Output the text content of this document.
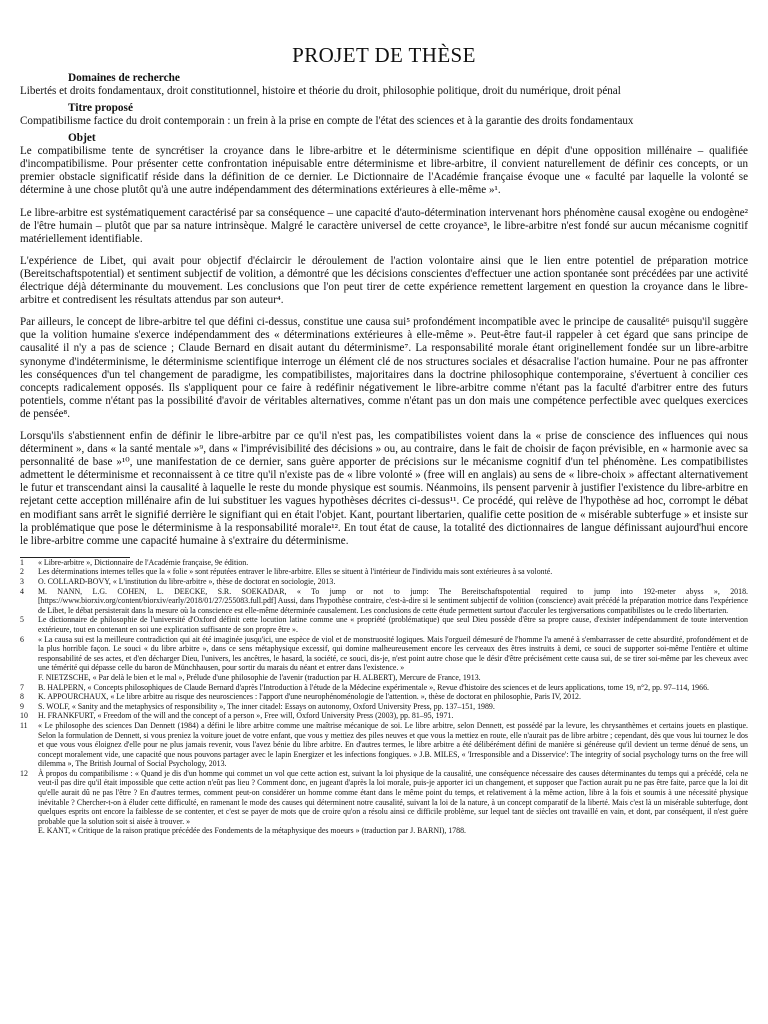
PROJET DE THÈSE
Domaines de recherche
Libertés et droits fondamentaux, droit constitutionnel, histoire et théorie du droit, philosophie politique, droit du numérique, droit pénal
Titre proposé
Compatibilisme factice du droit contemporain : un frein à la prise en compte de l'état des sciences et à la garantie des droits fondamentaux
Objet

Le compatibilisme tente de syncrétiser la croyance dans le libre-arbitre et le déterminisme scientifique en dépit d'une opposition millénaire – qualifiée d'incompatibilisme. Pour présenter cette confrontation inépuisable entre déterminisme et libre-arbitre, il convient naturellement de définir ces concepts, or un premier obstacle significatif réside dans la définition de ce dernier. Le Dictionnaire de l'Académie française évoque une « faculté par laquelle la volonté se détermine à une chose plutôt qu'à une autre indépendamment des déterminations extérieures à elle-même »¹.

Le libre-arbitre est systématiquement caractérisé par sa conséquence – une capacité d'auto-détermination intervenant hors phénomène causal exogène ou endogène² de l'être humain – plutôt que par sa nature intrinsèque. Malgré le caractère universel de cette croyance³, le libre-arbitre n'est fondé sur aucun mécanisme cognitif matériellement identifiable.

L'expérience de Libet, qui avait pour objectif d'éclaircir le déroulement de l'action volontaire ainsi que le lien entre potentiel de préparation motrice (Bereitschaftspotential) et sentiment subjectif de volition, a démontré que les décisions conscientes d'effectuer une action spontanée sont précédées par une activité électrique déjà déterminante du mouvement. Les conclusions que l'on peut tirer de cette expérience remettent largement en question la croyance dans le libre-arbitre et contredisent les résultats attendus par son auteur⁴.

Par ailleurs, le concept de libre-arbitre tel que défini ci-dessus, constitue une causa sui⁵ profondément incompatible avec le principe de causalité⁶ puisqu'il suggère que la volition humaine s'exerce indépendamment des « déterminations extérieures à elle-même ». Peut-être faut-il rappeler à cet égard que sans principe de causalité il n'y a pas de science ; Claude Bernard en disait autant du déterminisme⁷. La responsabilité morale étant originellement fondée sur un libre-arbitre synonyme d'indéterminisme, le déterminisme scientifique interroge un élément clé de nos structures sociales et désacralise l'action humaine. Pour ne pas affronter les conséquences d'un tel changement de paradigme, les compatibilistes, majoritaires dans la doctrine philosophique contemporaine, s'évertuent à concilier ces concepts radicalement opposés. Ils s'appliquent pour ce faire à redéfinir négativement le libre-arbitre comme n'étant pas la faculté d'arbitrer entre des futurs potentiels, comme n'étant pas la possibilité d'avoir de véritables alternatives, comme n'étant pas un don mais une compétence perfectible avec quelques exercices de pensée⁸.

Lorsqu'ils s'abstiennent enfin de définir le libre-arbitre par ce qu'il n'est pas, les compatibilistes voient dans la « prise de conscience des influences qui nous déterminent », dans « la santé mentale »⁹, dans « l'imprévisibilité des décisions » ou, au contraire, dans le fait de choisir de façon prévisible, en « harmonie avec sa personnalité de base »¹⁰, une manifestation de ce dernier, sans guère apporter de précisions sur le mécanisme cognitif d'un tel phénomène. Les compatibilistes admettent le déterminisme et reconnaissent à ce titre qu'il n'existe pas de « libre volonté » (free will en anglais) au sens de « libre-choix » affectant alternativement le futur et transcendant ainsi la causalité à laquelle le reste du monde physique est soumis. Néanmoins, ils pensent parvenir à justifier l'existence du libre-arbitre en rejetant cette acception millénaire afin de lui substituer les vagues hypothèses décrites ci-dessus¹¹. Ce procédé, qui relève de l'hypothèse ad hoc, corrompt le débat en modifiant sans arrêt le signifié derrière le signifiant qui en était l'objet. Kant, pourtant libertarien, qualifie cette position de « misérable subterfuge » et insiste sur la problématique que pose le déterminisme à la responsabilité morale¹². En tout état de cause, la totalité des dictionnaires de langue définissant aujourd'hui encore le libre-arbitre comme une capacité humaine à s'extraire du déterminisme.

1	« Libre-arbitre », Dictionnaire de l'Académie française, 9e édition.
2	Les déterminations internes telles que la « folie » sont réputées entraver le libre-arbitre. Elles se situent à l'intérieur de l'individu mais sont extérieures à sa volonté.
3	O. COLLARD-BOVY, « L'institution du libre-arbitre », thèse de doctorat en sociologie, 2013.
4	M. NANN, L.G. COHEN, L. DEECKE, S.R. SOEKADAR, « To jump or not to jump: The Bereitschaftspotential required to jump into 192-meter abyss », 2018. [https://www.biorxiv.org/content/biorxiv/early/2018/01/27/255083.full.pdf] Aussi, dans l'hypothèse contraire, c'est-à-dire si le sentiment subjectif de volition (conscience) avait précédé la préparation motrice dans l'expérience de Libet, le débat persisterait dans la mesure où la conscience est elle-même déterminée causalement. Les conclusions de cette étude permettent surtout d'acculer les tergiversations compatibilistes ou le credo libertarien.
5	Le dictionnaire de philosophie de l'université d'Oxford définit cette locution latine comme une « propriété (problématique) que seul Dieu possède d'être sa propre cause, d'exister indépendamment de toute intervention extérieure, tout en contenant en soi une explication suffisante de son propre être ».
6	« La causa sui est la meilleure contradiction qui ait été imaginée jusqu'ici, une espèce de viol et de monstruosité logiques. Mais l'orgueil démesuré de l'homme l'a amené à s'embarrasser de cette absurdité, profondément et de la plus horrible façon. Le souci « du libre arbitre », dans ce sens métaphysique excessif, qui domine malheureusement encore les cerveaux des êtres instruits à demi, ce souci de supporter soi-même l'entière et ultime responsabilité de ses actes, et d'en décharger Dieu, l'univers, les ancêtres, le hasard, la société, ce souci, dis-je, n'est point autre chose que le désir d'être précisément cette causa sui, de se tirer soi-même par les cheveux avec une témérité qui dépasse celle du baron de Münchhausen, pour sortir du marais du néant et entrer dans l'existence. »
F. NIETZSCHE, « Par delà le bien et le mal », Prélude d'une philosophie de l'avenir (traduction par H. ALBERT), Mercure de France, 1913.
7	B. HALPERN, « Concepts philosophiques de Claude Bernard d'après l'Introduction à l'étude de la Médecine expérimentale », Revue d'histoire des sciences et de leurs applications, tome 19, n°2, pp. 97–114, 1966.
8	K. APPOURCHAUX, « Le libre arbitre au risque des neurosciences : l'apport d'une neurophénoménologie de l'attention. », thèse de doctorat en philosophie, Paris IV, 2012.
9	S. WOLF, « Sanity and the metaphysics of responsibility », The inner citadel: Essays on autonomy, Oxford University Press, pp. 137–151, 1989.
10	H. FRANKFURT, « Freedom of the will and the concept of a person », Free will, Oxford University Press (2003), pp. 81–95, 1971.
11	« Le philosophe des sciences Dan Dennett (1984) a défini le libre arbitre comme une maîtrise mécanique de soi. Le libre arbitre, selon Dennett, est possédé par la levure, les chrysanthèmes et certains jouets en plastique. Selon la formulation de Dennett, si vous preniez la voiture jouet de votre enfant, que vous y mettiez des piles neuves et que vous la mettiez en route, elle n'aurait pas de libre arbitre ; cependant, dès que vous lui tournez le dos et que vous vous éloignez d'elle pour ne plus jamais revenir, vous l'avez bénie du libre arbitre. En d'autres termes, le libre arbitre a été délibérément défini de manière si généreuse qu'il devient un terme dénué de sens, un concept moralement vide, une capacité que nous pouvons partager avec le lapin Energizer et les infections fongiques. » J.B. MILES, « 'Irresponsible and a Disservice': The integrity of social psychology turns on the free will dilemma », The British Journal of Social Psychology, 2013.
12	À propos du compatibilisme : « Quand je dis d'un homme qui commet un vol que cette action est, suivant la loi physique de la causalité, une conséquence nécessaire des causes déterminantes du temps qui a précédé, cela ne veut-il pas dire qu'il était impossible que cette action n'eût pas lieu ? Comment donc, en jugeant d'après la loi morale, puis-je apporter ici un changement, et supposer que l'action aurait pu ne pas être faite, parce que la loi dit qu'elle aurait dû ne pas l'être ? En d'autres termes, comment peut-on considérer un homme comme étant dans le même point du temps, et relativement à la même action, libre à la fois et soumis à une nécessité physique inévitable ? Chercher-t-on à éluder cette difficulté, en ramenant le mode des causes qui déterminent notre causalité, suivant la loi de la nature, à un concept comparatif de la liberté. Mais c'est là un misérable subterfuge, dont quelques esprits ont encore la faiblesse de se contenter, et c'est se payer de mots que de croire qu'on a résolu ainsi ce difficile problème, sur lequel tant de siècles ont travaillé en vain, et dont, par conséquent, il n'est guère probable que la solution soit si aisée à trouver. »
E. KANT, « Critique de la raison pratique précédée des Fondements de la métaphysique des moeurs » (traduction par J. BARNI), 1788.
